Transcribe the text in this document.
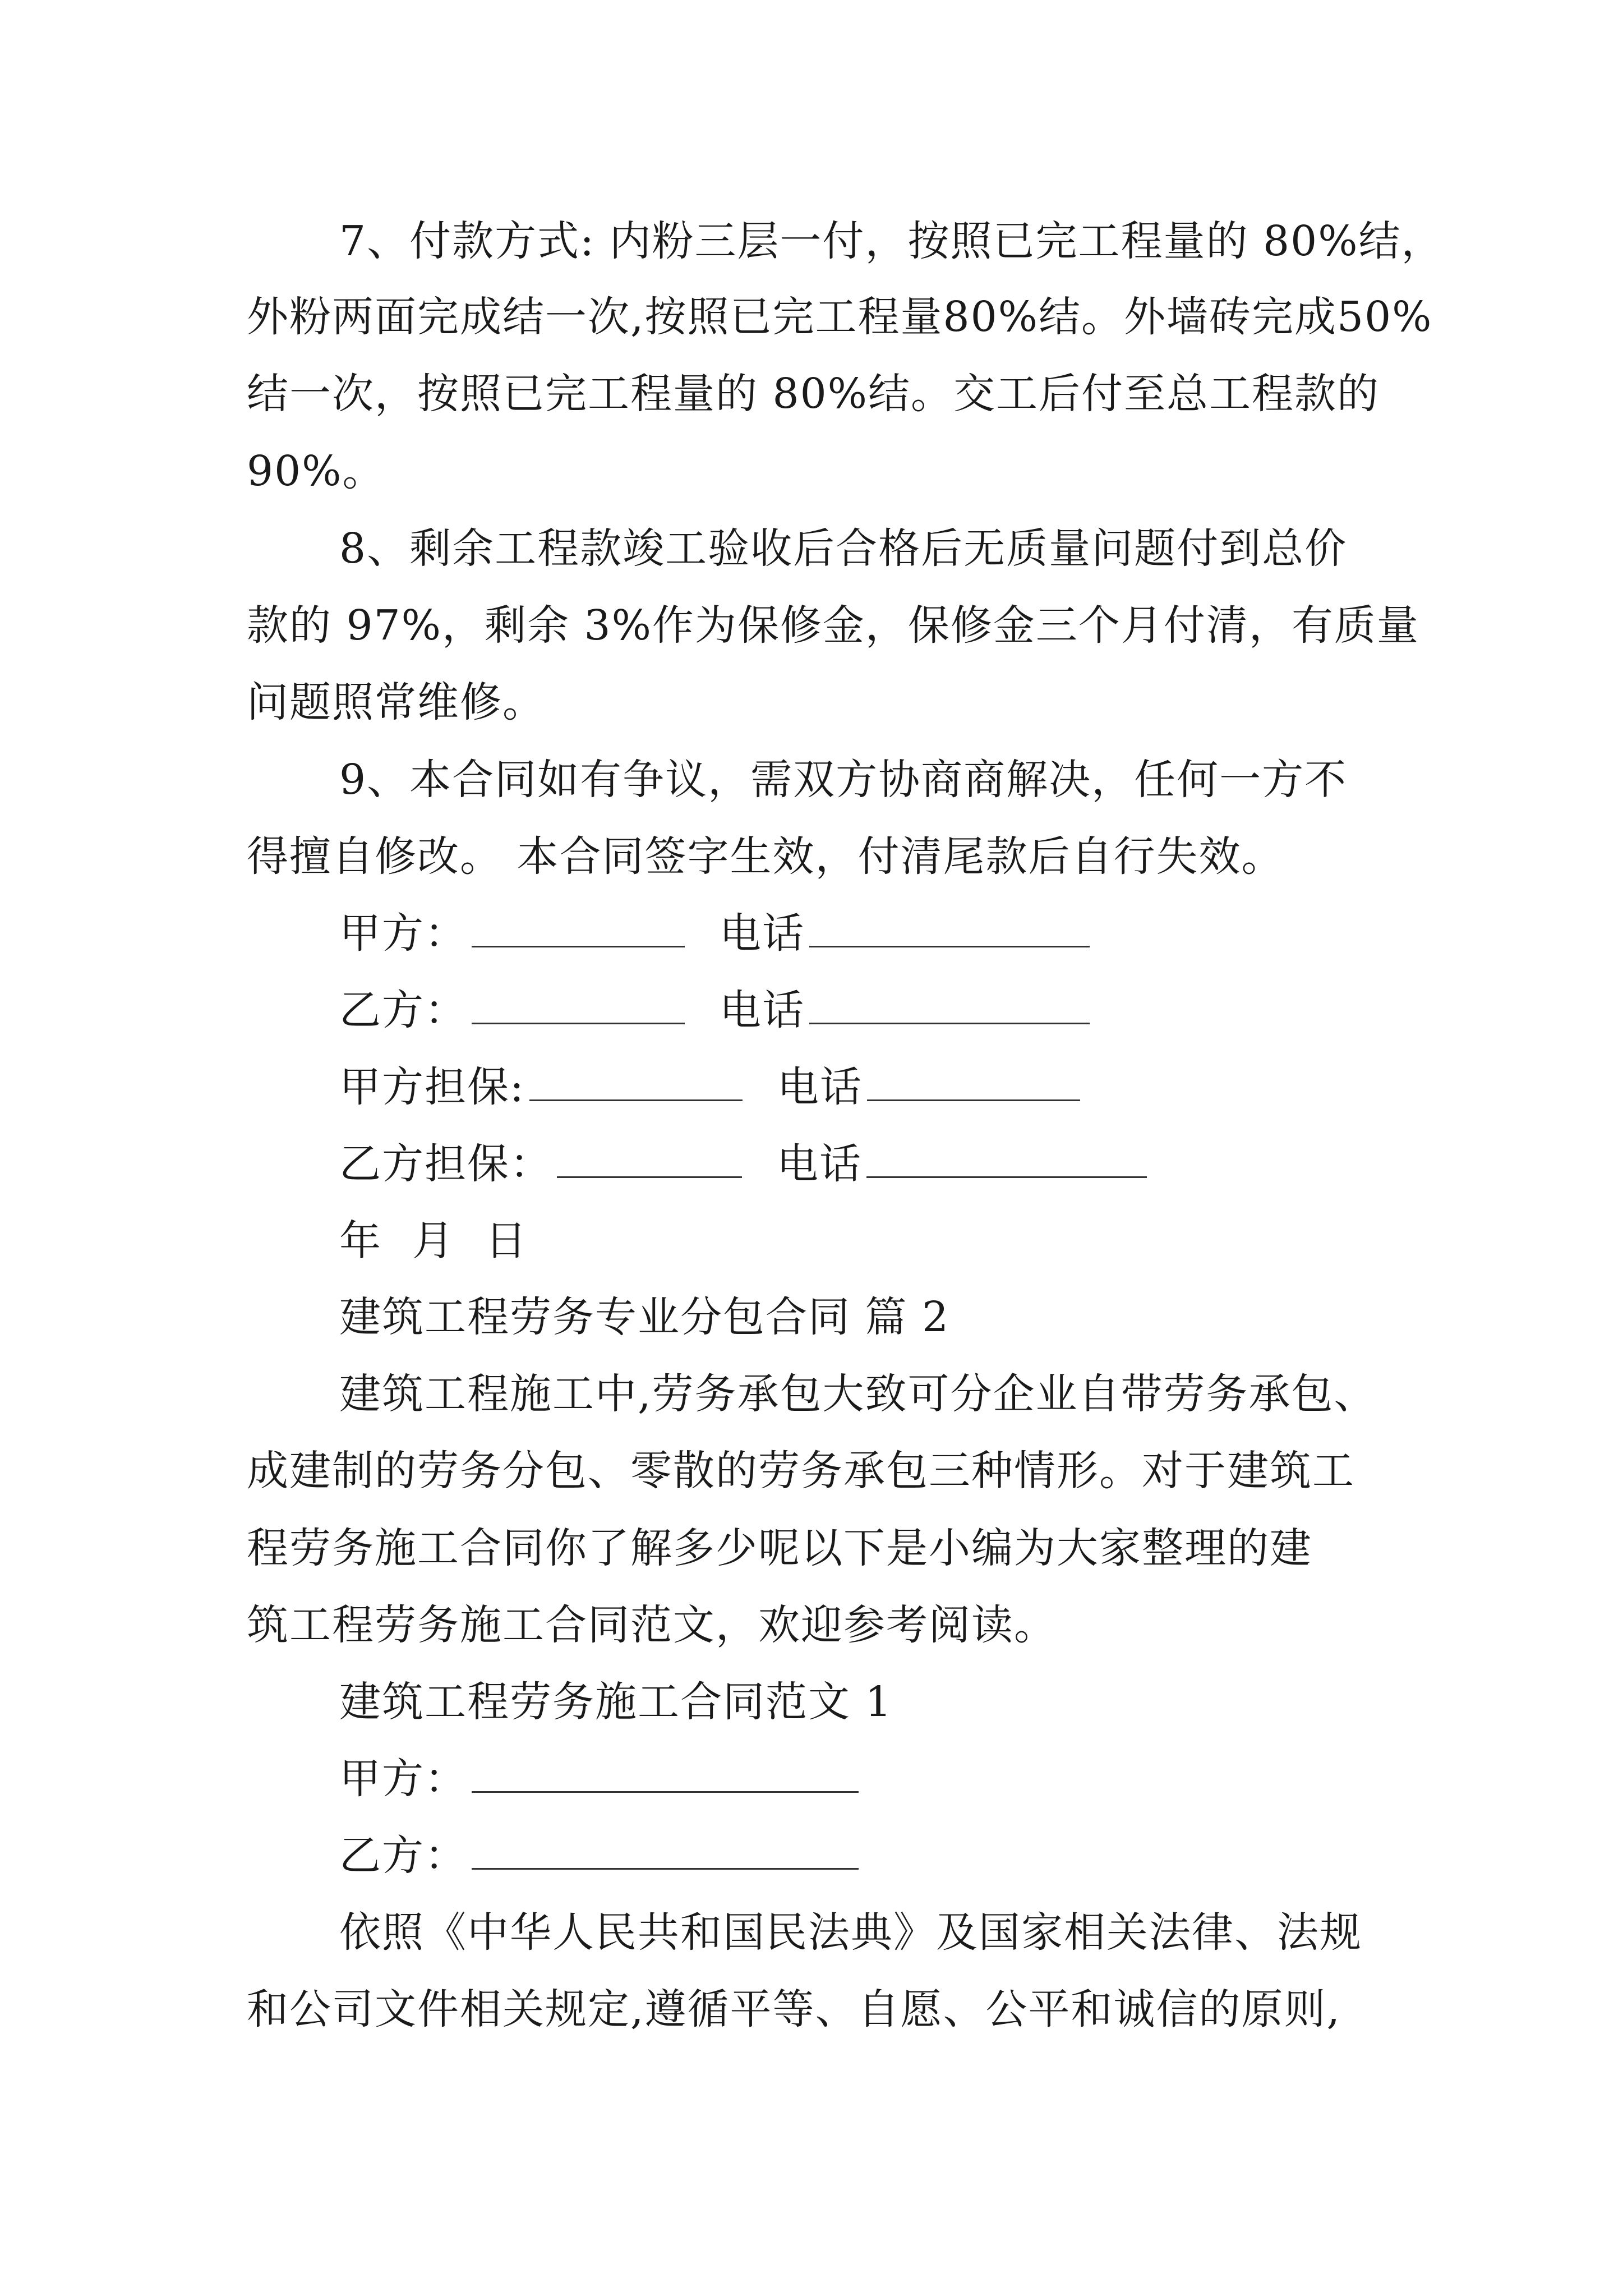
7、付款方式: 内粉三层一付，按照已完工程量的 80%结，
外粉两面完成结一次,按照已完工程量80%结。外墙砖完成50%
结一次，按照已完工程量的 80%结。交工后付至总工程款的
90%。
8、剩余工程款竣工验收后合格后无质量问题付到总价
款的 97%，剩余 3%作为保修金，保修金三个月付清，有质量
问题照常维修。
9、本合同如有争议，需双方协商商解决，任何一方不
得擅自修改。 本合同签字生效，付清尾款后自行失效。
甲方：	电话
乙方：	电话
甲方担保:	电话
乙方担保：	电话
年 月 日
建筑工程劳务专业分包合同 篇 2
建筑工程施工中,劳务承包大致可分企业自带劳务承包、
成建制的劳务分包、零散的劳务承包三种情形。对于建筑工
程劳务施工合同你了解多少呢以下是小编为大家整理的建
筑工程劳务施工合同范文，欢迎参考阅读。
建筑工程劳务施工合同范文 1
甲方：
乙方：
依照《中华人民共和国民法典》及国家相关法律、法规
和公司文件相关规定,遵循平等、自愿、公平和诚信的原则,
